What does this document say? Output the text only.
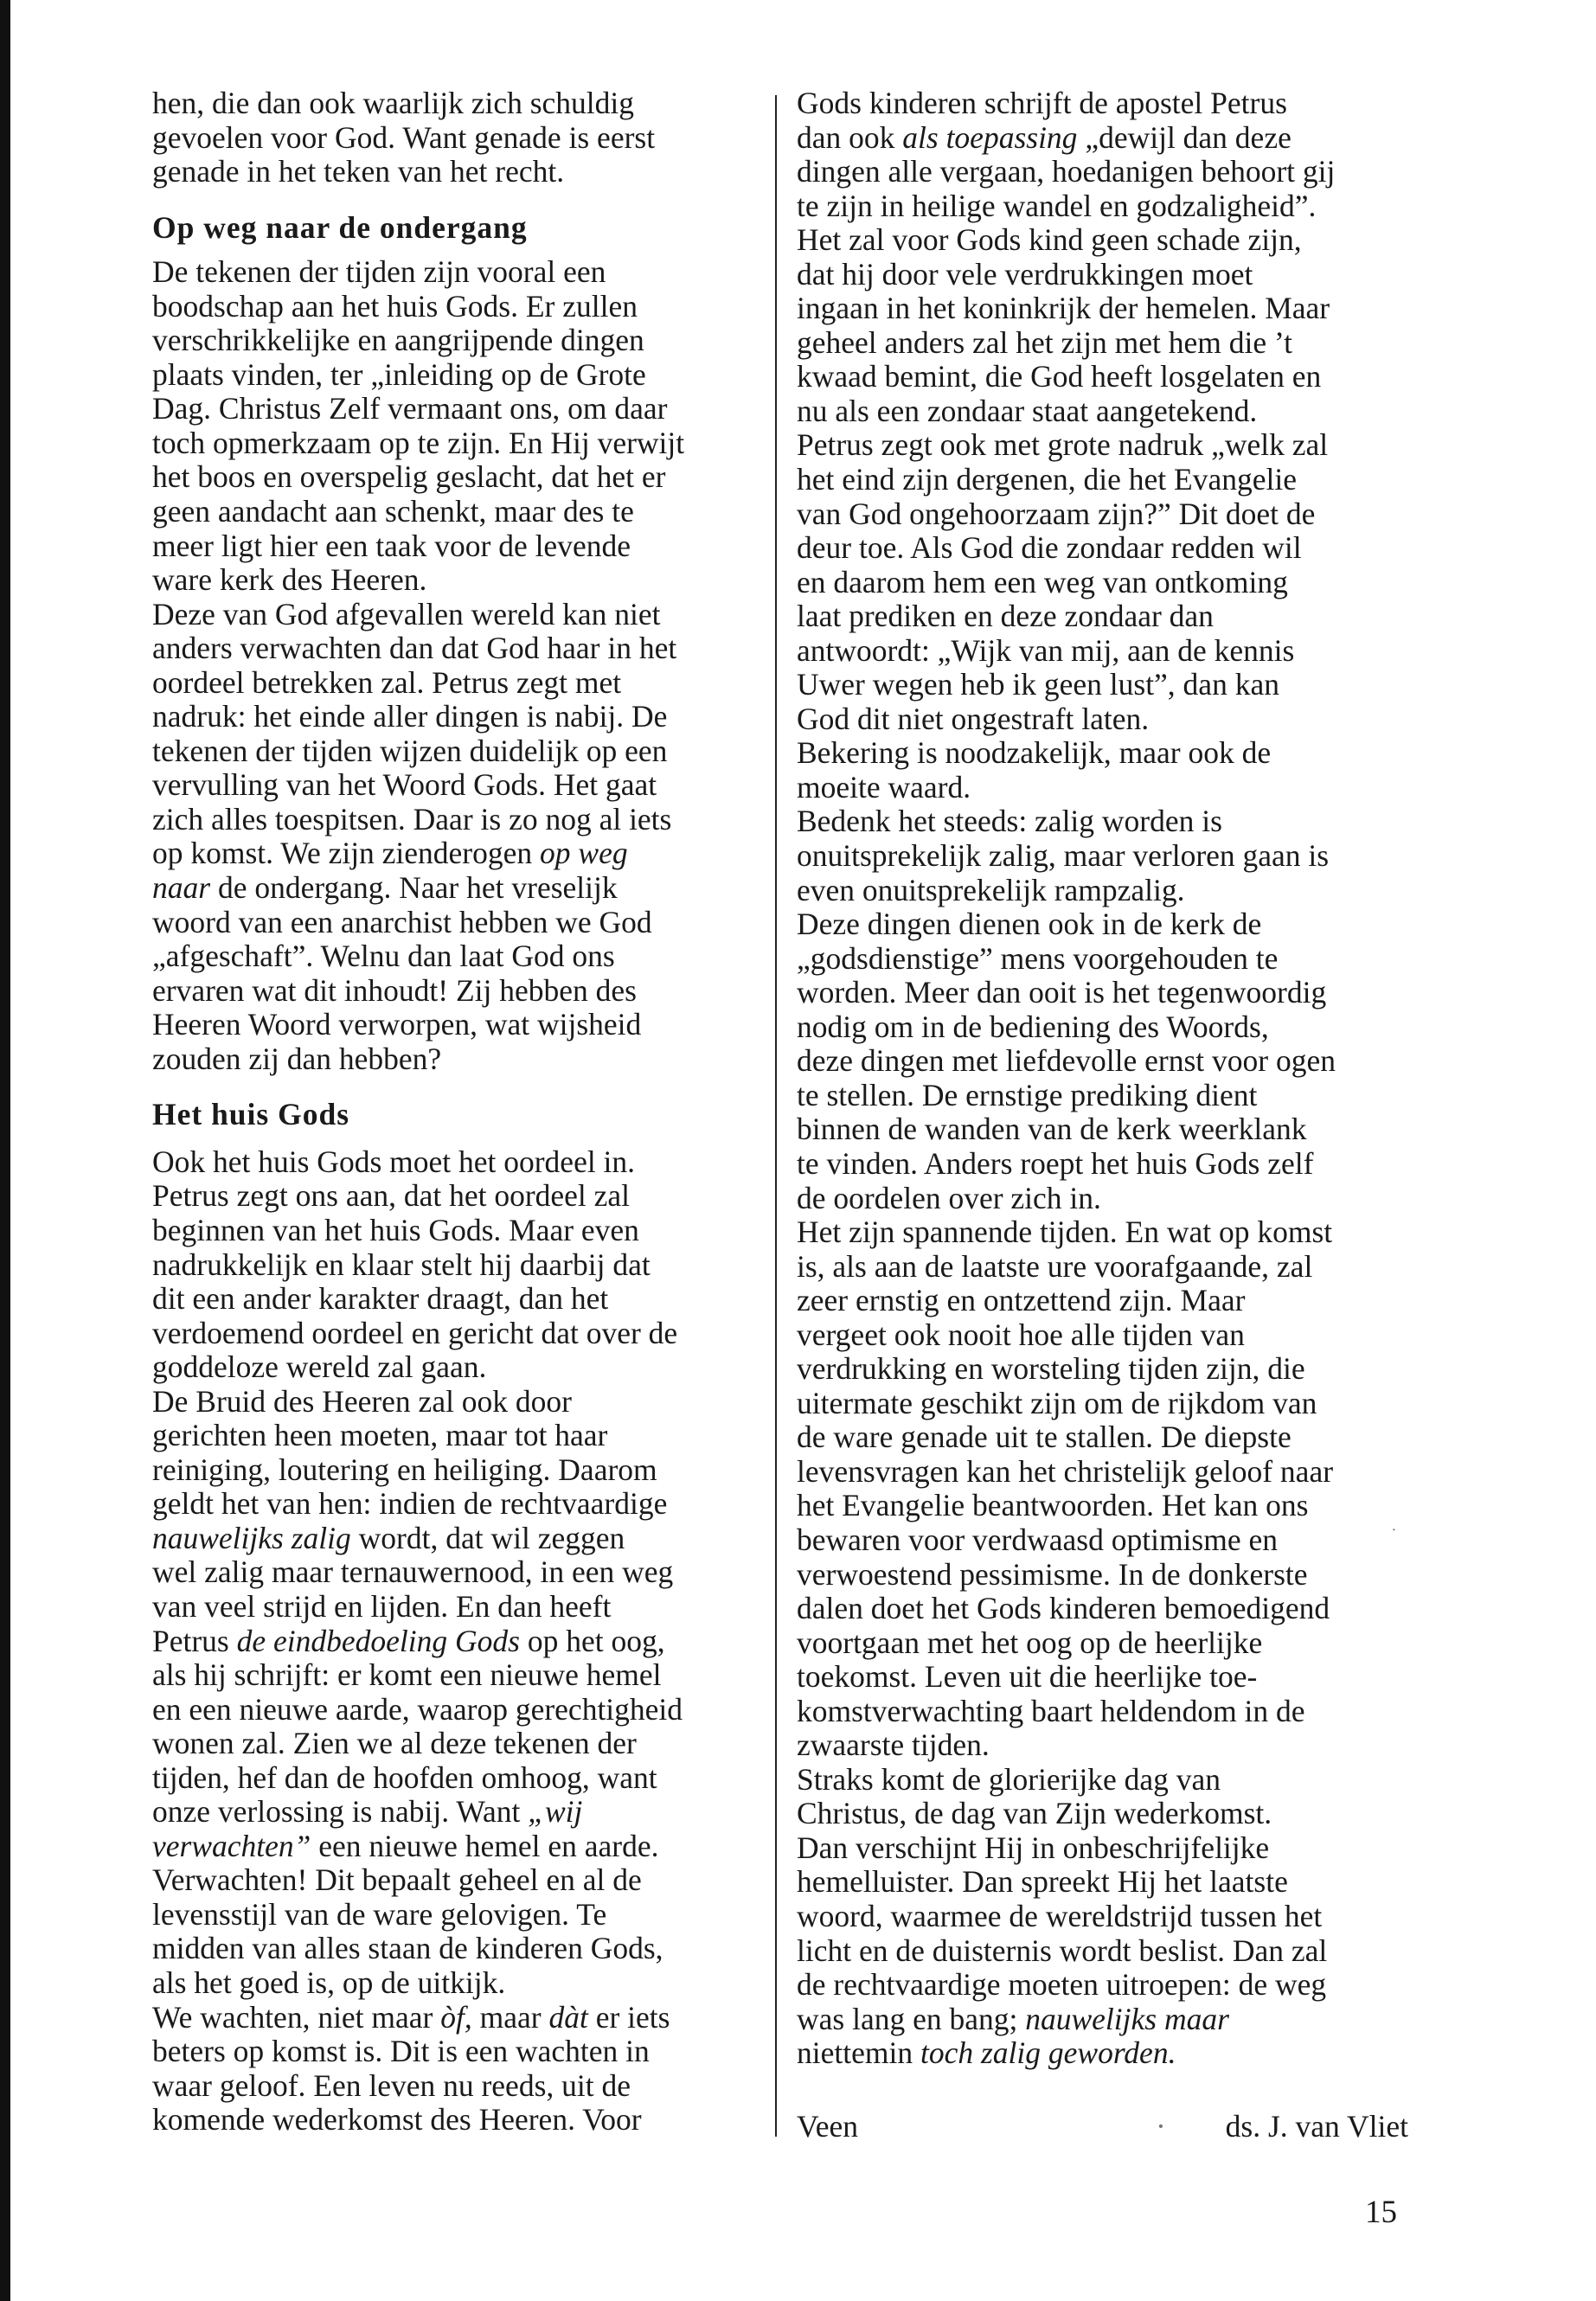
hen, die dan ook waarlijk zich schuldig
gevoelen voor God. Want genade is eerst
genade in het teken van het recht.
Op weg naar de ondergang
De tekenen der tijden zijn vooral een
boodschap aan het huis Gods. Er zullen
verschrikkelijke en aangrijpende dingen
plaats vinden, ter „inleiding op de Grote
Dag. Christus Zelf vermaant ons, om daar
toch opmerkzaam op te zijn. En Hij verwijt
het boos en overspelig geslacht, dat het er
geen aandacht aan schenkt, maar des te
meer ligt hier een taak voor de levende
ware kerk des Heeren.
Deze van God afgevallen wereld kan niet
anders verwachten dan dat God haar in het
oordeel betrekken zal. Petrus zegt met
nadruk: het einde aller dingen is nabij. De
tekenen der tijden wijzen duidelijk op een
vervulling van het Woord Gods. Het gaat
zich alles toespitsen. Daar is zo nog al iets
op komst. We zijn zienderogen op weg
naar de ondergang. Naar het vreselijk
woord van een anarchist hebben we God
„afgeschaft”. Welnu dan laat God ons
ervaren wat dit inhoudt! Zij hebben des
Heeren Woord verworpen, wat wijsheid
zouden zij dan hebben?
Het huis Gods
Ook het huis Gods moet het oordeel in.
Petrus zegt ons aan, dat het oordeel zal
beginnen van het huis Gods. Maar even
nadrukkelijk en klaar stelt hij daarbij dat
dit een ander karakter draagt, dan het
verdoemend oordeel en gericht dat over de
goddeloze wereld zal gaan.
De Bruid des Heeren zal ook door
gerichten heen moeten, maar tot haar
reiniging, loutering en heiliging. Daarom
geldt het van hen: indien de rechtvaardige
nauwelijks zalig wordt, dat wil zeggen
wel zalig maar ternauwernood, in een weg
van veel strijd en lijden. En dan heeft
Petrus de eindbedoeling Gods op het oog,
als hij schrijft: er komt een nieuwe hemel
en een nieuwe aarde, waarop gerechtigheid
wonen zal. Zien we al deze tekenen der
tijden, hef dan de hoofden omhoog, want
onze verlossing is nabij. Want „wij
verwachten” een nieuwe hemel en aarde.
Verwachten! Dit bepaalt geheel en al de
levensstijl van de ware gelovigen. Te
midden van alles staan de kinderen Gods,
als het goed is, op de uitkijk.
We wachten, niet maar òf, maar dàt er iets
beters op komst is. Dit is een wachten in
waar geloof. Een leven nu reeds, uit de
komende wederkomst des Heeren. Voor
Gods kinderen schrijft de apostel Petrus
dan ook als toepassing „dewijl dan deze
dingen alle vergaan, hoedanigen behoort gij
te zijn in heilige wandel en godzaligheid”.
Het zal voor Gods kind geen schade zijn,
dat hij door vele verdrukkingen moet
ingaan in het koninkrijk der hemelen. Maar
geheel anders zal het zijn met hem die ’t
kwaad bemint, die God heeft losgelaten en
nu als een zondaar staat aangetekend.
Petrus zegt ook met grote nadruk „welk zal
het eind zijn dergenen, die het Evangelie
van God ongehoorzaam zijn?” Dit doet de
deur toe. Als God die zondaar redden wil
en daarom hem een weg van ontkoming
laat prediken en deze zondaar dan
antwoordt: „Wijk van mij, aan de kennis
Uwer wegen heb ik geen lust”, dan kan
God dit niet ongestraft laten.
Bekering is noodzakelijk, maar ook de
moeite waard.
Bedenk het steeds: zalig worden is
onuitsprekelijk zalig, maar verloren gaan is
even onuitsprekelijk rampzalig.
Deze dingen dienen ook in de kerk de
„godsdienstige” mens voorgehouden te
worden. Meer dan ooit is het tegenwoordig
nodig om in de bediening des Woords,
deze dingen met liefdevolle ernst voor ogen
te stellen. De ernstige prediking dient
binnen de wanden van de kerk weerklank
te vinden. Anders roept het huis Gods zelf
de oordelen over zich in.
Het zijn spannende tijden. En wat op komst
is, als aan de laatste ure voorafgaande, zal
zeer ernstig en ontzettend zijn. Maar
vergeet ook nooit hoe alle tijden van
verdrukking en worsteling tijden zijn, die
uitermate geschikt zijn om de rijkdom van
de ware genade uit te stallen. De diepste
levensvragen kan het christelijk geloof naar
het Evangelie beantwoorden. Het kan ons
bewaren voor verdwaasd optimisme en
verwoestend pessimisme. In de donkerste
dalen doet het Gods kinderen bemoedigend
voortgaan met het oog op de heerlijke
toekomst. Leven uit die heerlijke toe-
komstverwachting baart heldendom in de
zwaarste tijden.
Straks komt de glorierijke dag van
Christus, de dag van Zijn wederkomst.
Dan verschijnt Hij in onbeschrijfelijke
hemelluister. Dan spreekt Hij het laatste
woord, waarmee de wereldstrijd tussen het
licht en de duisternis wordt beslist. Dan zal
de rechtvaardige moeten uitroepen: de weg
was lang en bang; nauwelijks maar
niettemin toch zalig geworden.
·
Veen	· ds. J. van Vliet
15
